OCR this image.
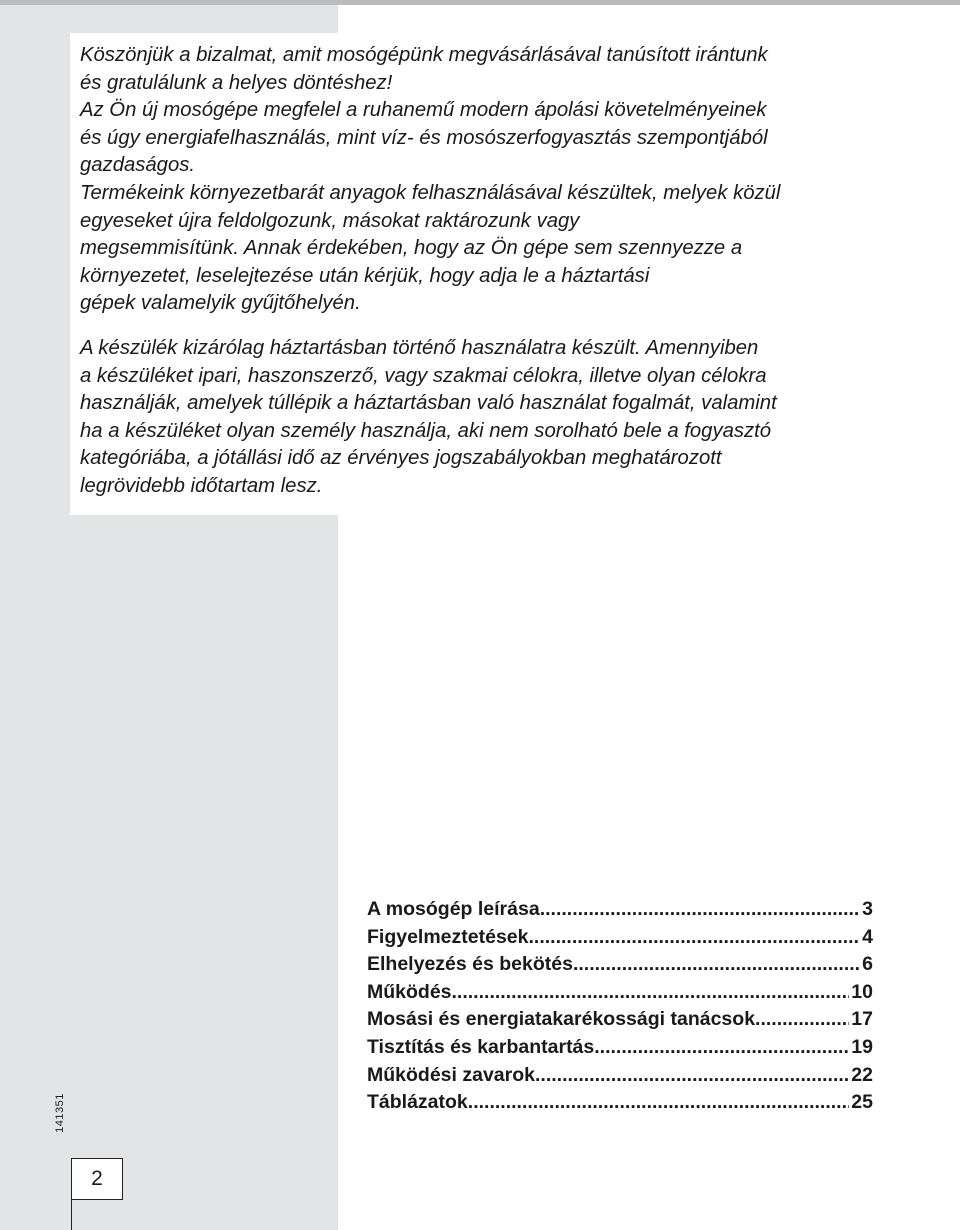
Köszönjük a bizalmat, amit mosógépünk megvásárlásával tanúsított irántunk
és gratulálunk a helyes döntéshez!
Az Ön új mosógépe megfelel a ruhanemű modern ápolási követelményeinek
és úgy energiafelhasználás, mint víz- és mosószerfogyasztás szempontjából
gazdaságos.
Termékeink környezetbarát anyagok felhasználásával készültek, melyek közül
egyeseket újra feldolgozunk, másokat raktározunk vagy
megsemmisítünk. Annak érdekében, hogy az Ön gépe sem szennyezze a
környezetet, leselejtezése után kérjük, hogy adja le a háztartási
gépek valamelyik gyűjtőhelyén.

A készülék kizárólag háztartásban történő használatra készült. Amennyiben
a készüléket ipari, haszonszerző, vagy szakmai célokra, illetve olyan célokra
használják, amelyek túllépik a háztartásban való használat fogalmát, valamint
ha a készüléket olyan személy használja, aki nem sorolható bele a fogyasztó
kategóriába, a jótállási idő az érvényes jogszabályokban meghatározott
legrövidebb időtartam lesz.

A mosógép leírása .....	3
Figyelmeztetések .....	4
Elhelyezés és bekötés .....	6
Működés .....	10
Mosási és energiatakarékossági tanácsok .....	17
Tisztítás és karbantartás .....	19
Működési zavarok .....	22
Táblázatok .....	25
141351
2
